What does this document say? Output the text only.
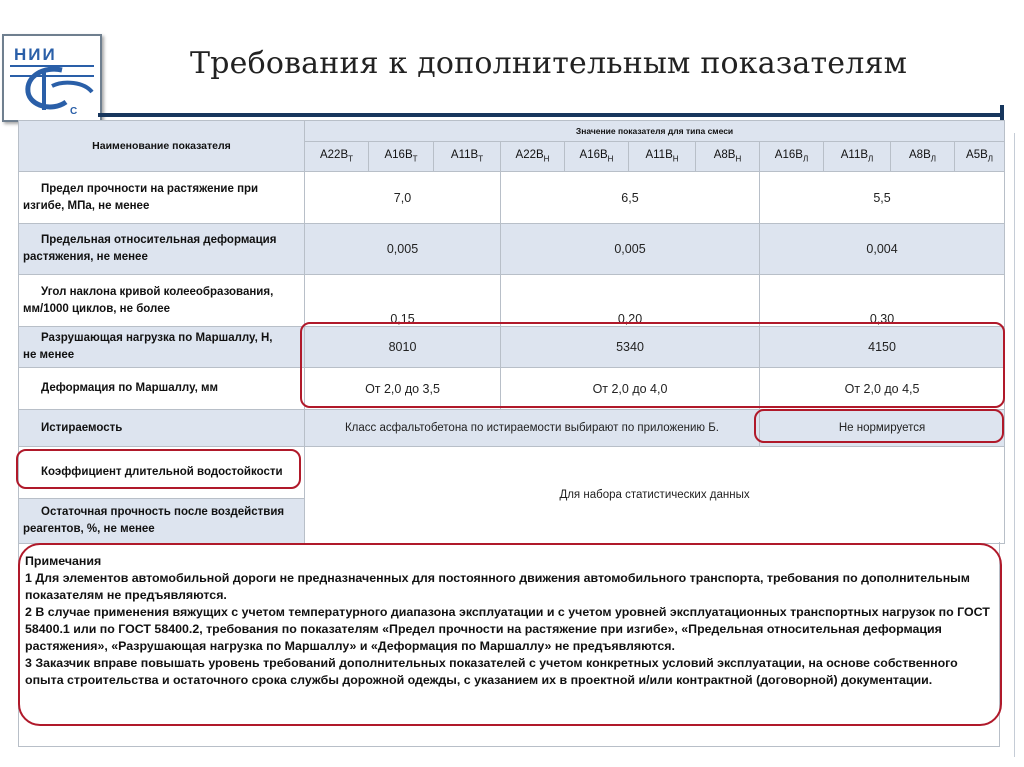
НИИ
С
Требования к дополнительным показателям
Наименование показателя	Значение показателя для типа смеси										
	$А22В_Т$	$А16В_Т$	$А11В_Т$	$А22В_Н$	$А16В_Н$	$А11В_Н$	$А8В_Н$	$А16В_Л$	$А11В_Л$	$А8В_Л$	$А5В_Л$

Предел прочности на растяжение при
изгибе, МПа, не менее	7,0			6,5				5,5			

Предельная относительная деформация
растяжения, не менее	0,005			0,005				0,004			

Угол наклона кривой колееобразования,
мм/1000 циклов, не более	0,15			0,20				0,30			

Разрушающая нагрузка по Маршаллу, Н,
не менее	8010			5340				4150			

Деформация по Маршаллу, мм	От 2,0 до 3,5			От 2,0 до 4,0				От 2,0 до 4,5			

Истираемость	Класс асфальтобетона по истираемости выбирают по приложению Б.							Не нормируется			

Коэффициент длительной водостойкости	Для набора статистических данных										

Остаточная прочность после воздействия
реагентов, %, не менее											

Примечания

1 Для элементов автомобильной дороги не предназначенных для постоянного движения автомобильного транспорта, требования по дополнительным показателям не предъявляются.

2 В случае применения вяжущих с учетом температурного диапазона эксплуатации и с учетом уровней эксплуатационных транспортных нагрузок по ГОСТ 58400.1 или по ГОСТ 58400.2, требования по показателям «Предел прочности на растяжение при изгибе», «Предельная относительная деформация растяжения», «Разрушающая нагрузка по Маршаллу» и «Деформация по Маршаллу» не предъявляются.

3 Заказчик вправе повышать уровень требований дополнительных показателей с учетом конкретных условий эксплуатации, на основе собственного опыта строительства и остаточного срока службы дорожной одежды, с указанием их в проектной и/или контрактной (договорной) документации.
